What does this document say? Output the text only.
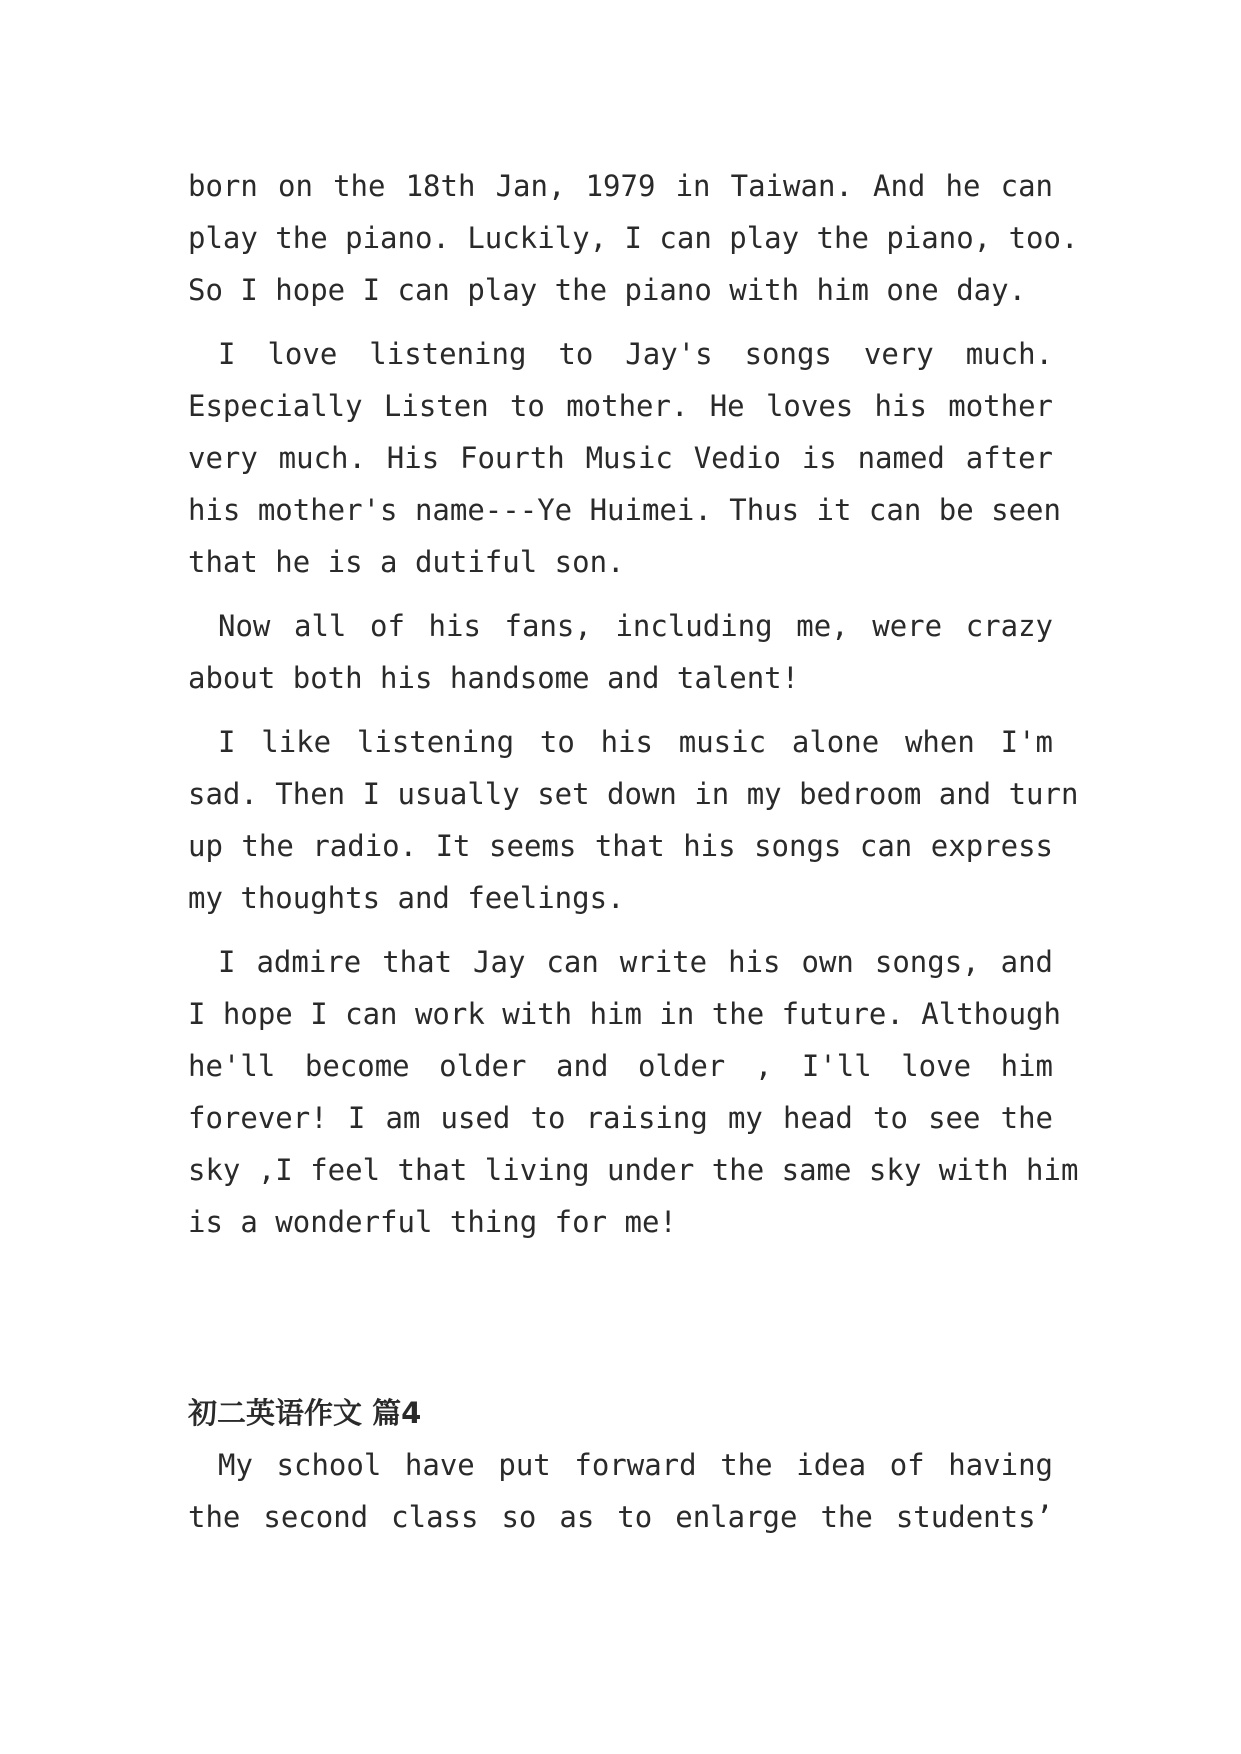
born on the 18th Jan, 1979 in Taiwan. And he can

play the piano. Luckily, I can play the piano, too.

So I hope I can play the piano with him one day.

I love listening to Jay's songs very much.

Especially Listen to mother. He loves his mother

very much. His Fourth Music Vedio is named after

his mother's name---Ye Huimei. Thus it can be seen

that he is a dutiful son.

Now all of his fans, including me, were crazy

about both his handsome and talent!

I like listening to his music alone when I'm

sad. Then I usually set down in my bedroom and turn

up the radio. It seems that his songs can express

my thoughts and feelings.

I admire that Jay can write his own songs, and

I hope I can work with him in the future. Although

he'll become older and older , I'll love him

forever! I am used to raising my head to see the

sky ,I feel that living under the same sky with him

is a wonderful thing for me!

初二英语作文 篇4

My school have put forward the idea of having

the second class so as to enlarge the students’
